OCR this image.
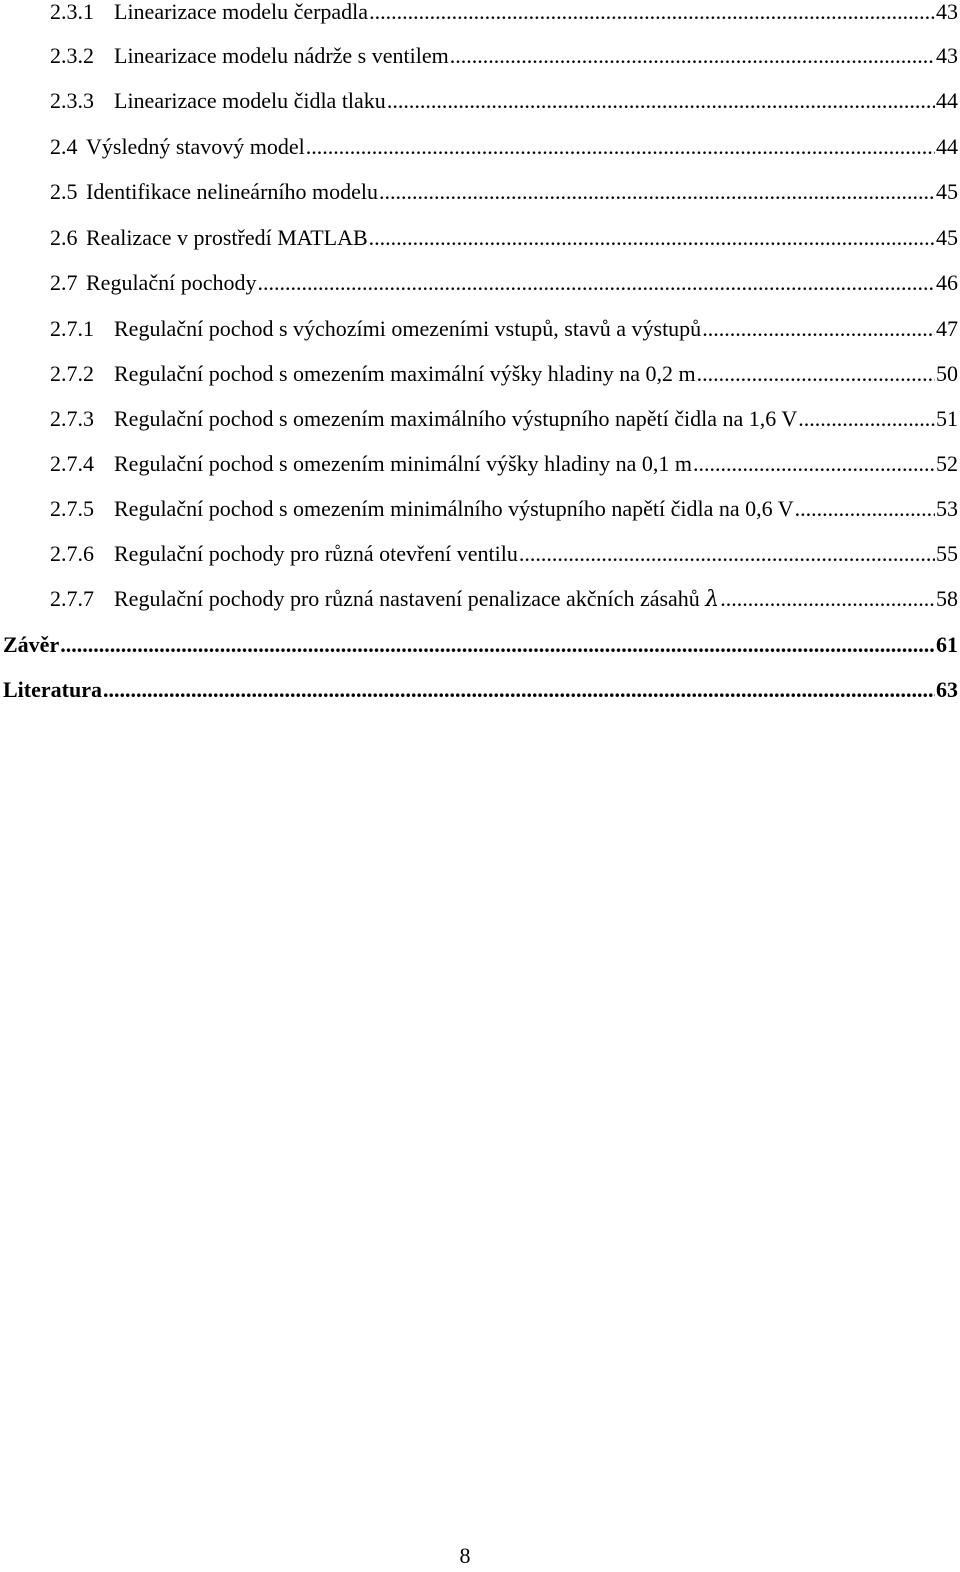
2.3.1 Linearizace modelu čerpadla .....	43
2.3.2 Linearizace modelu nádrže s ventilem .....	43
2.3.3 Linearizace modelu čidla tlaku .....	44
2.4 Výsledný stavový model .....	44
2.5 Identifikace nelineárního modelu .....	45
2.6 Realizace v prostředí MATLAB .....	45
2.7 Regulační pochody .....	46
2.7.1 Regulační pochod s výchozími omezeními vstupů, stavů a výstupů .....	47
2.7.2 Regulační pochod s omezením maximální výšky hladiny na 0,2 m .....	50
2.7.3 Regulační pochod s omezením maximálního výstupního napětí čidla na 1,6 V .....	51
2.7.4 Regulační pochod s omezením minimální výšky hladiny na 0,1 m .....	52
2.7.5 Regulační pochod s omezením minimálního výstupního napětí čidla na 0,6 V .....	53
2.7.6 Regulační pochody pro různá otevření ventilu .....	55
2.7.7 Regulační pochody pro různá nastavení penalizace akčních zásahů λ .....	58
Závěr .....	61
Literatura .....	63
8
